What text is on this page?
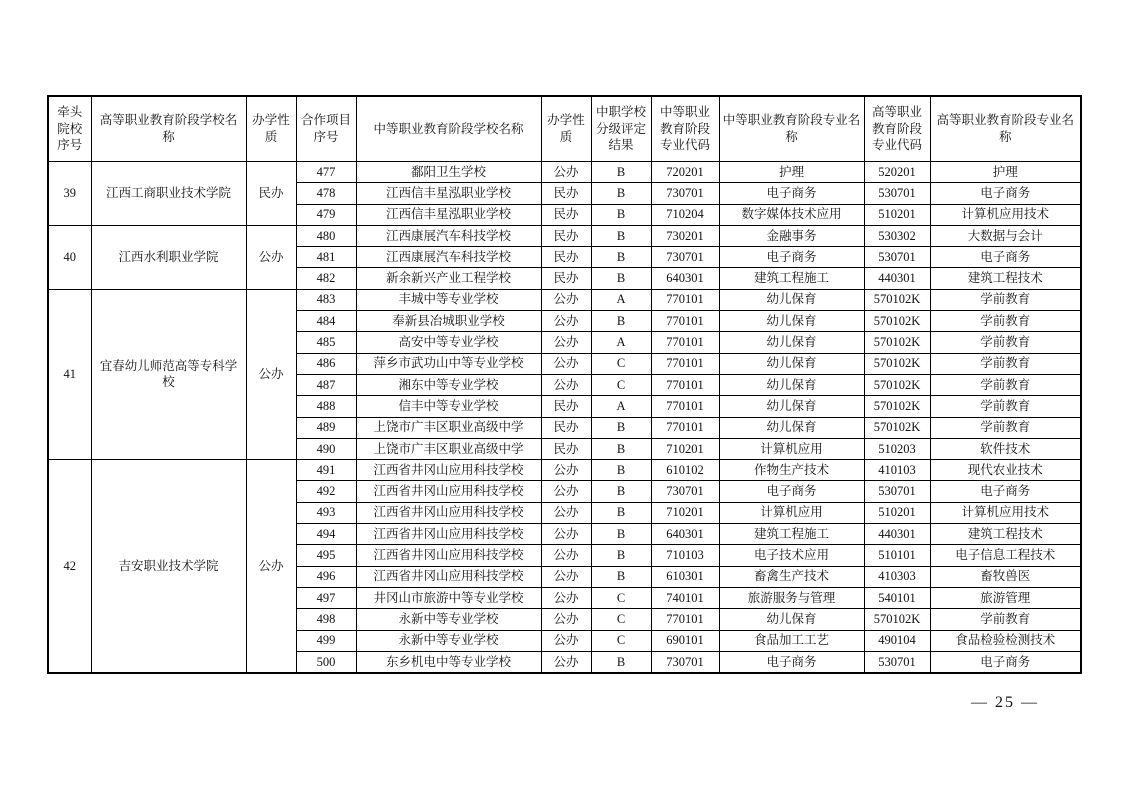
牵头院校序号	高等职业教育阶段学校名称	办学性质	合作项目序号	中等职业教育阶段学校名称	办学性质	中职学校分级评定结果	中等职业教育阶段专业代码	中等职业教育阶段专业名称	高等职业教育阶段专业代码	高等职业教育阶段专业名称
39	江西工商职业技术学院	民办	477	鄱阳卫生学校	公办	B	720201	护理	520201	护理
			478	江西信丰星泓职业学校	民办	B	730701	电子商务	530701	电子商务
			479	江西信丰星泓职业学校	民办	B	710204	数字媒体技术应用	510201	计算机应用技术
40	江西水利职业学院	公办	480	江西康展汽车科技学校	民办	B	730201	金融事务	530302	大数据与会计
			481	江西康展汽车科技学校	民办	B	730701	电子商务	530701	电子商务
			482	新余新兴产业工程学校	民办	B	640301	建筑工程施工	440301	建筑工程技术
41	宜春幼儿师范高等专科学校	公办	483	丰城中等专业学校	公办	A	770101	幼儿保育	570102K	学前教育
			484	奉新县冶城职业学校	公办	B	770101	幼儿保育	570102K	学前教育
			485	高安中等专业学校	公办	A	770101	幼儿保育	570102K	学前教育
			486	萍乡市武功山中等专业学校	公办	C	770101	幼儿保育	570102K	学前教育
			487	湘东中等专业学校	公办	C	770101	幼儿保育	570102K	学前教育
			488	信丰中等专业学校	民办	A	770101	幼儿保育	570102K	学前教育
			489	上饶市广丰区职业高级中学	民办	B	770101	幼儿保育	570102K	学前教育
			490	上饶市广丰区职业高级中学	民办	B	710201	计算机应用	510203	软件技术
42	吉安职业技术学院	公办	491	江西省井冈山应用科技学校	公办	B	610102	作物生产技术	410103	现代农业技术
			492	江西省井冈山应用科技学校	公办	B	730701	电子商务	530701	电子商务
			493	江西省井冈山应用科技学校	公办	B	710201	计算机应用	510201	计算机应用技术
			494	江西省井冈山应用科技学校	公办	B	640301	建筑工程施工	440301	建筑工程技术
			495	江西省井冈山应用科技学校	公办	B	710103	电子技术应用	510101	电子信息工程技术
			496	江西省井冈山应用科技学校	公办	B	610301	畜禽生产技术	410303	畜牧兽医
			497	井冈山市旅游中等专业学校	公办	C	740101	旅游服务与管理	540101	旅游管理
			498	永新中等专业学校	公办	C	770101	幼儿保育	570102K	学前教育
			499	永新中等专业学校	公办	C	690101	食品加工工艺	490104	食品检验检测技术
			500	东乡机电中等专业学校	公办	B	730701	电子商务	530701	电子商务
— 25 —
